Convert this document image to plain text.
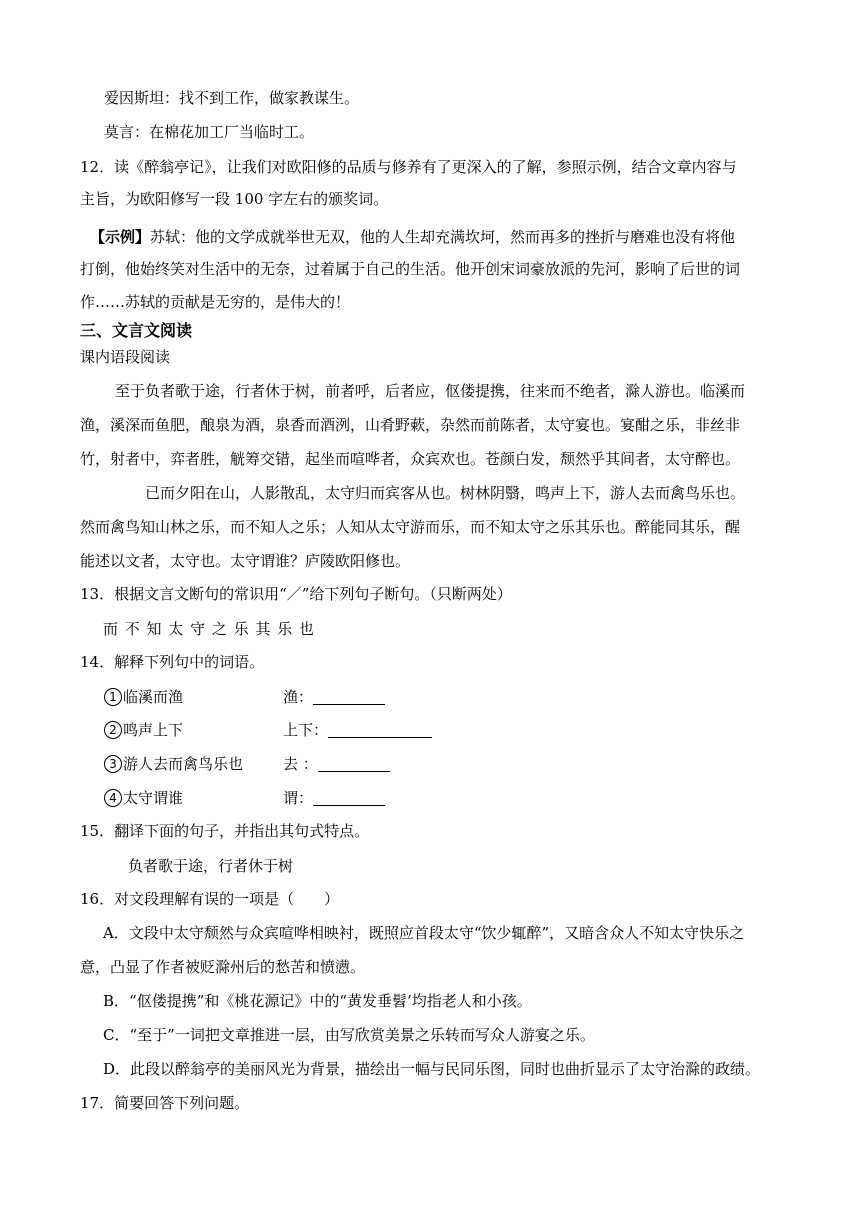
爱因斯坦：找不到工作，做家教谋生。
莫言：在棉花加工厂当临时工。
12．读《醉翁亭记》，让我们对欧阳修的品质与修养有了更深入的了解，参照示例，结合文章内容与
主旨，为欧阳修写一段 100 字左右的颁奖词。
【示例】苏轼：他的文学成就举世无双，他的人生却充满坎坷，然而再多的挫折与磨难也没有将他
打倒，他始终笑对生活中的无奈，过着属于自己的生活。他开创宋词豪放派的先河，影响了后世的词
作……苏轼的贡献是无穷的，是伟大的！
三、文言文阅读
课内语段阅读
至于负者歌于途，行者休于树，前者呼，后者应，伛偻提携，往来而不绝者，滁人游也。临溪而
渔，溪深而鱼肥，酿泉为酒，泉香而酒洌，山肴野蔌，杂然而前陈者，太守宴也。宴酣之乐，非丝非
竹，射者中，弈者胜，觥筹交错，起坐而喧哗者，众宾欢也。苍颜白发，颓然乎其间者，太守醉也。
已而夕阳在山，人影散乱，太守归而宾客从也。树林阴翳，鸣声上下，游人去而禽鸟乐也。
然而禽鸟知山林之乐，而不知人之乐；人知从太守游而乐，而不知太守之乐其乐也。醉能同其乐，醒
能述以文者，太守也。太守谓谁？庐陵欧阳修也。
13．根据文言文断句的常识用“／”给下列句子断句。（只断两处）
而 不 知 太 守 之 乐 其 乐 也
14．解释下列句中的词语。
1 临溪而渔	渔：
2 鸣声上下	上下：
3 游人去而禽鸟乐也	去 ：
4 太守谓谁	谓：
15．翻译下面的句子，并指出其句式特点。
负者歌于途，行者休于树
16．对文段理解有误的一项是（　　）
A．文段中太守颓然与众宾喧哗相映衬，既照应首段太守“饮少辄醉”，又暗含众人不知太守快乐之
意，凸显了作者被贬滁州后的愁苦和愤懑。
B．“伛偻提携”和《桃花源记》中的“黄发垂髫’均指老人和小孩。
C．“至于”一词把文章推进一层，由写欣赏美景之乐转而写众人游宴之乐。
D．此段以醉翁亭的美丽风光为背景，描绘出一幅与民同乐图，同时也曲折显示了太守治滁的政绩。
17．简要回答下列问题。
